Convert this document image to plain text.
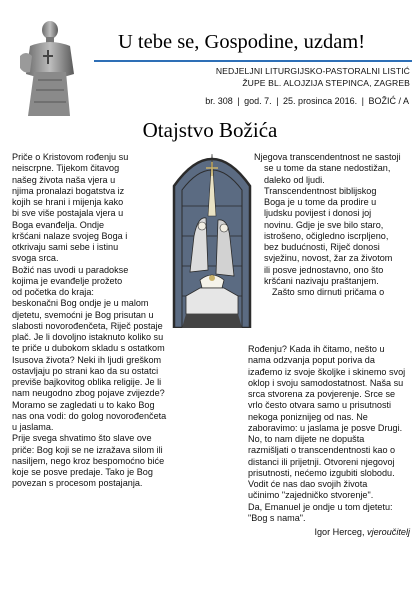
U tebe se, Gospodine, uzdam!
NEDJELJNI LITURGIJSKO-PASTORALNI LISTIĆ
ŽUPE BL. ALOJZIJA STEPINCA, ZAGREB
br. 308 | god. 7. | 25. prosinca 2016. | BOŽIĆ / A
Otajstvo Božića

Priče o Kristovom rođenju su

neiscrpne. Tijekom čitavog

našeg života naša vjera u

njima pronalazi bogatstva iz

kojih se hrani i mijenja kako

bi sve više postajala vjera u

Boga evanđelja. Ondje

kršćani nalaze svojeg Boga i

otkrivaju sami sebe i istinu

svoga srca.

Božić nas uvodi u paradokse

kojima je evanđelje prožeto

od početka do kraja:

beskonačni Bog ondje je u malom

djetetu, svemoćni je Bog prisutan u

slabosti novorođenčeta, Riječ postaje

plač. Je li dovoljno istaknuto koliko su

te priče u dubokom skladu s ostatkom

Isusova života? Neki ih ljudi greškom

ostavljaju po strani kao da su ostatci

previše bajkovitog oblika religije. Je li

nam neugodno zbog pojave zvijezde?

Moramo se zagledati u to kako Bog

nas ona vodi: do golog novorođenčeta

u jaslama.

Prije svega shvatimo što slave ove

priče: Bog koji se ne izražava silom ili

nasiljem, nego kroz bespomoćno biće

koje se posve predaje. Tako je Bog

povezan s procesom postajanja.

Njegova transcendentnost ne sastoji

se u tome da stane nedostižan,

daleko od ljudi.

Transcendentnost biblijskog

Boga je u tome da prodire u

ljudsku povijest i donosi joj

novinu. Gdje je sve bilo staro,

istrošeno, očigledno iscrpljeno,

bez budućnosti, Riječ donosi

svježinu, novost, žar za životom

ili posve jednostavno, ono što

kršćani nazivaju praštanjem.

Zašto smo dirnuti pričama o

Rođenju? Kada ih čitamo, nešto u

nama odzvanja poput poriva da

izađemo iz svoje školjke i skinemo svoj

oklop i svoju samodostatnost. Naša su

srca stvorena za povjerenje. Srce se

vrlo često otvara samo u prisutnosti

nekoga poniznijeg od nas. Ne

zaboravimo: u jaslama je posve Drugi.

No, to nam dijete ne dopušta

razmišljati o transcendentnosti kao o

distanci ili prijetnji. Otvoreni njegovoj

prisutnosti, nećemo izgubiti slobodu.

Vodit će nas dao svojih života

učinimo "zajedničko stvorenje".

Da, Emanuel je ondje u tom djetetu:

"Bog s nama".

Igor Herceg, vjeroučitelj
